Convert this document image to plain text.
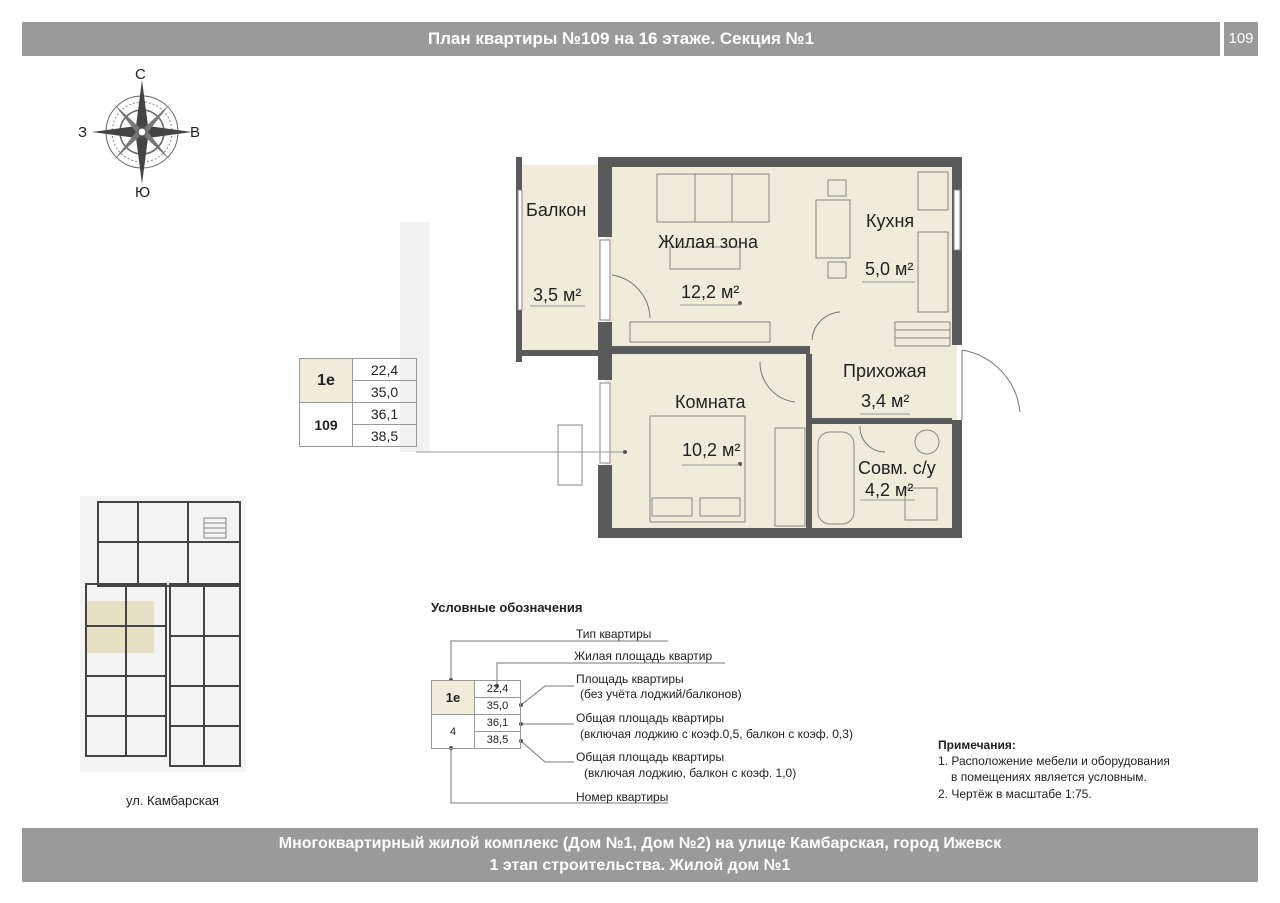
План квартиры №109 на 16 этаже. Секция №1	109
С
З	В
Ю
Балкон
3,5 м²
Жилая зона
12,2 м²
Кухня
5,0 м²
Комната
10,2 м²
Прихожая
3,4 м²
Совм. с/у
4,2 м²
1е	22,4
	35,0
109	36,1
	38,5
ул. Камбарская
Условные обозначения
1е	22,4
	35,0
4	36,1
	38,5
Тип квартиры
Жилая площадь квартир
Площадь квартиры
(без учёта лоджий/балконов)
Общая площадь квартиры
(включая лоджию с коэф.0,5, балкон с коэф. 0,3)
Общая площадь квартиры
(включая лоджию, балкон с коэф. 1,0)
Номер квартиры
Примечания:
1. Расположение мебели и оборудования
в помещениях является условным.
2. Чертёж в масштабе 1:75.
Многоквартирный жилой комплекс (Дом №1, Дом №2) на улице Камбарская, город Ижевск
1 этап строительства. Жилой дом №1
